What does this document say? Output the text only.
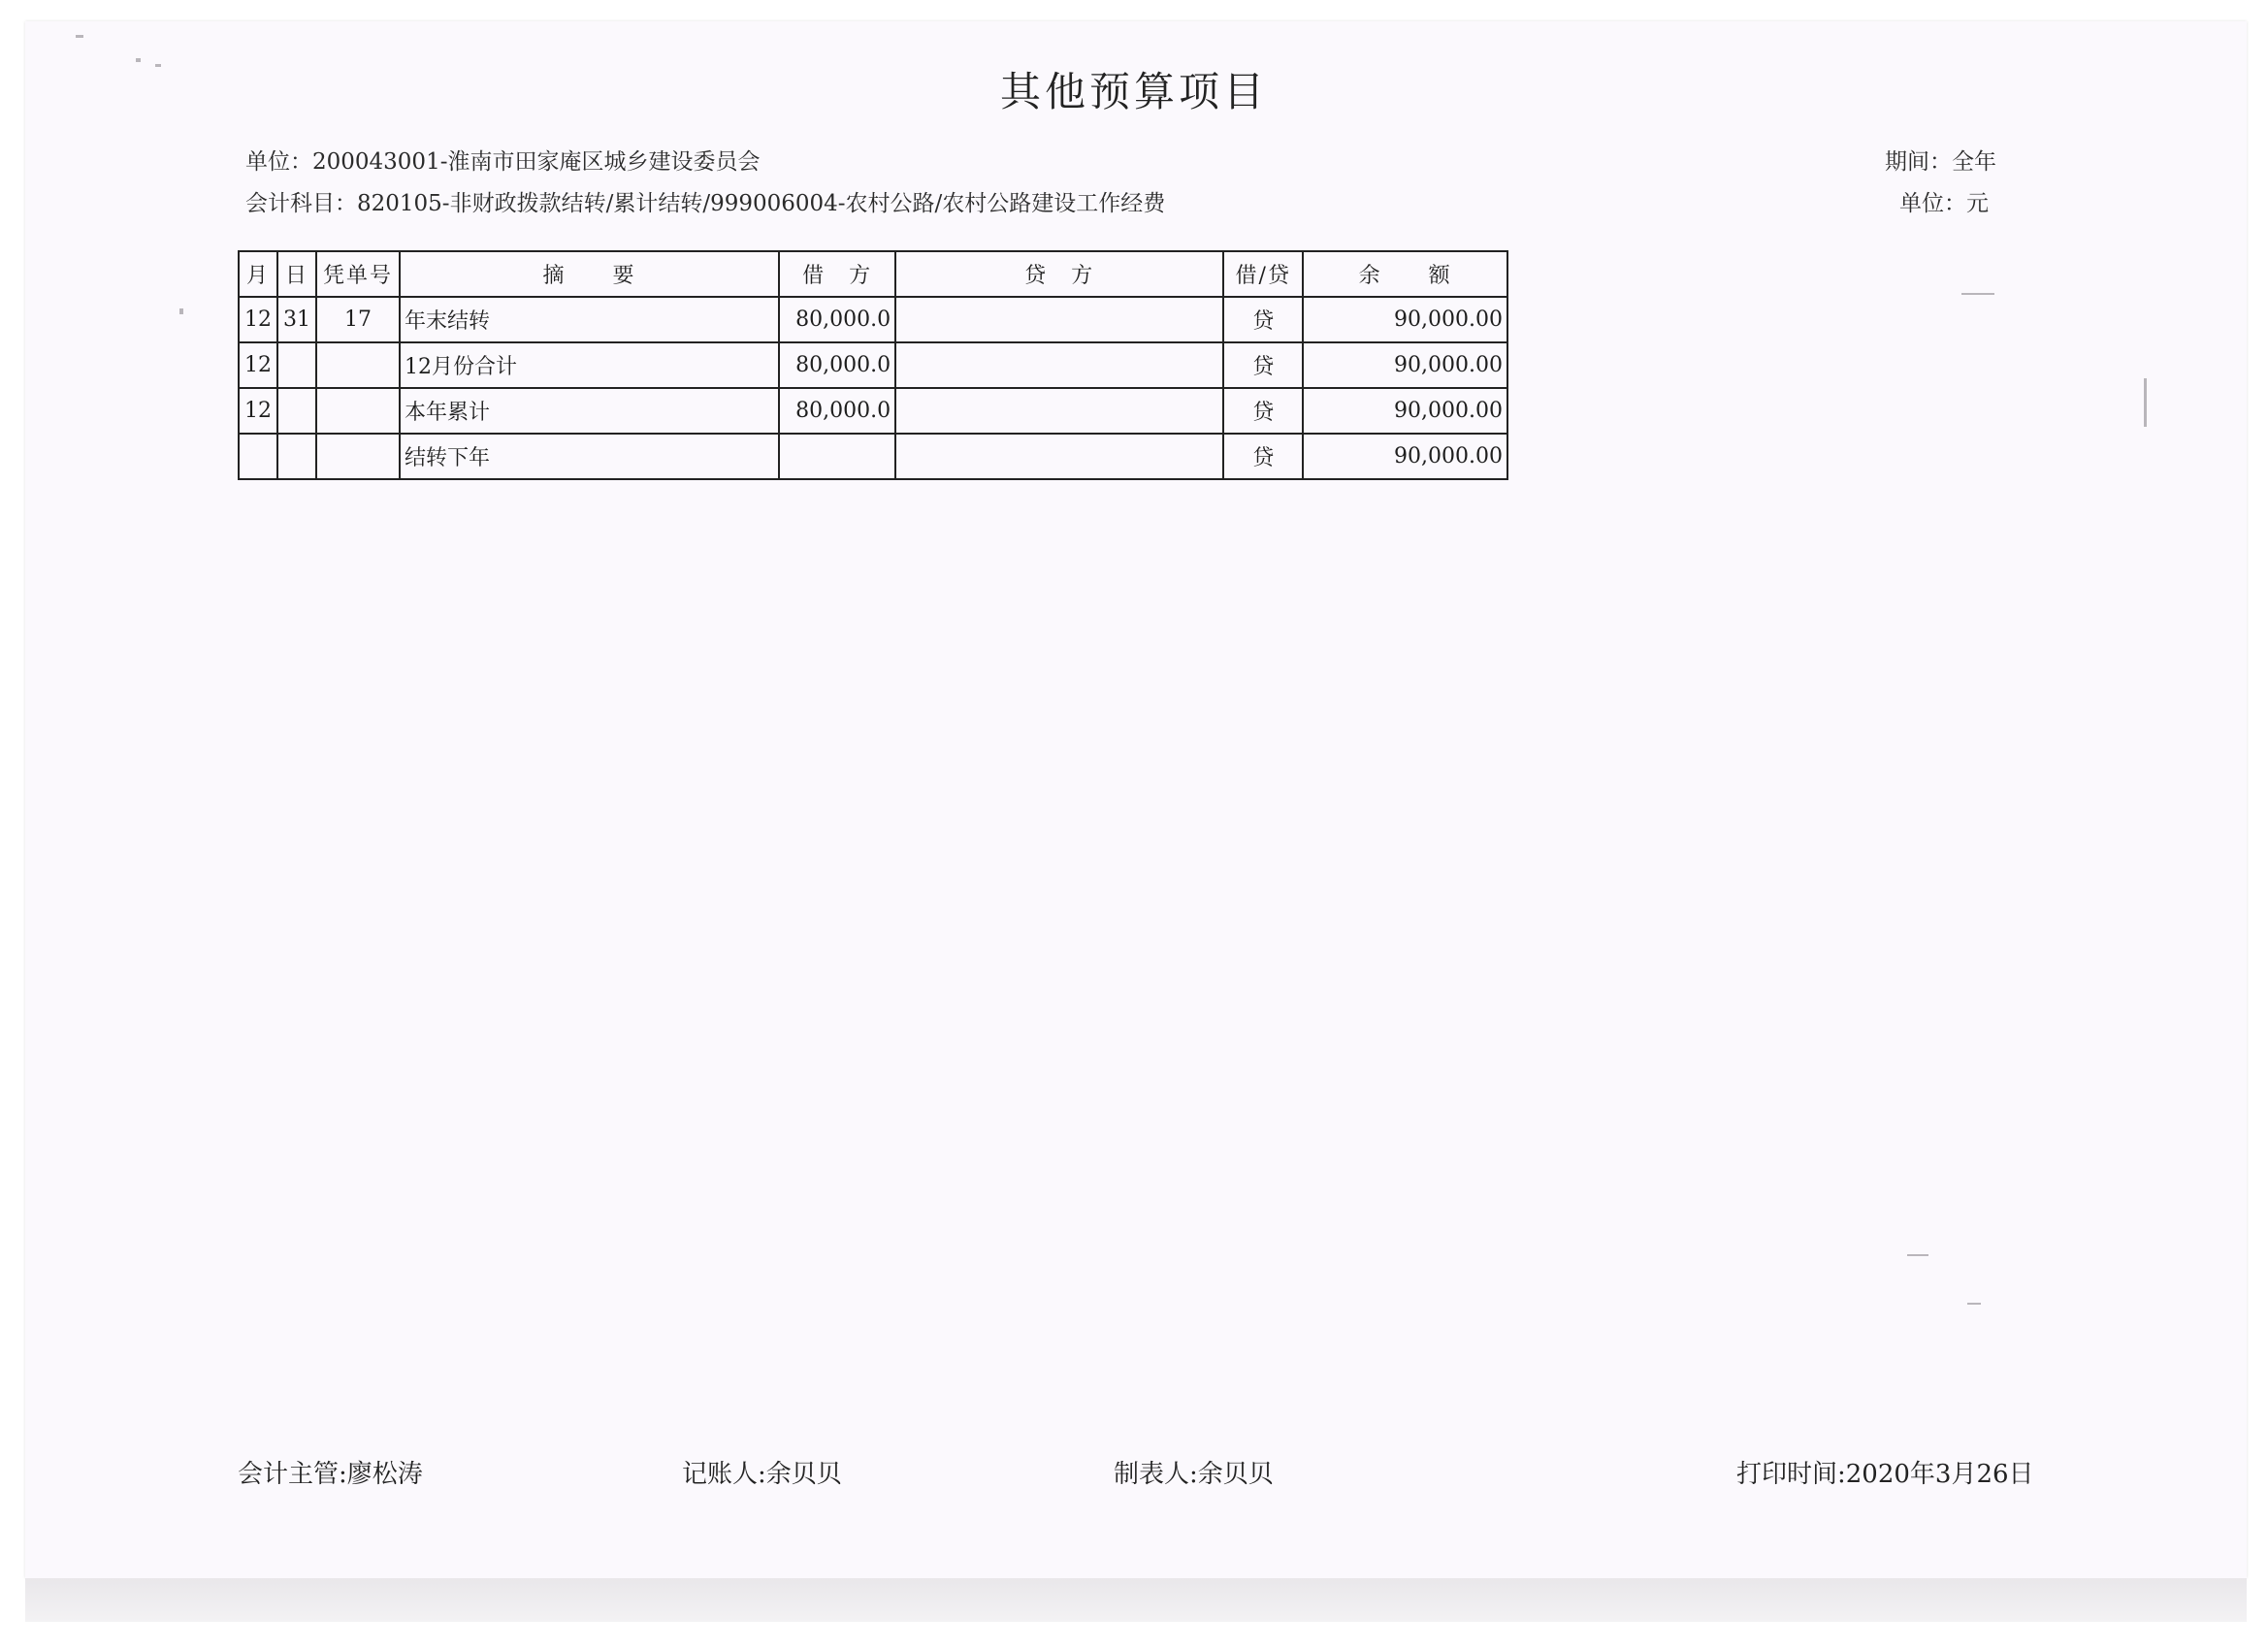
其他预算项目
单位：200043001-淮南市田家庵区城乡建设委员会
会计科目：820105-非财政拨款结转/累计结转/999006004-农村公路/农村公路建设工作经费
期间：全年
单位：元
月	日	凭单号	摘　　要	借　方	贷　方	借/贷	余　　额
12	31	17	年末结转	80,000.0		贷	90,000.00
12			12月份合计	80,000.0		贷	90,000.00
12			本年累计	80,000.0		贷	90,000.00
			结转下年			贷	90,000.00
会计主管:廖松涛	记账人:余贝贝	制表人:余贝贝	打印时间:2020年3月26日
